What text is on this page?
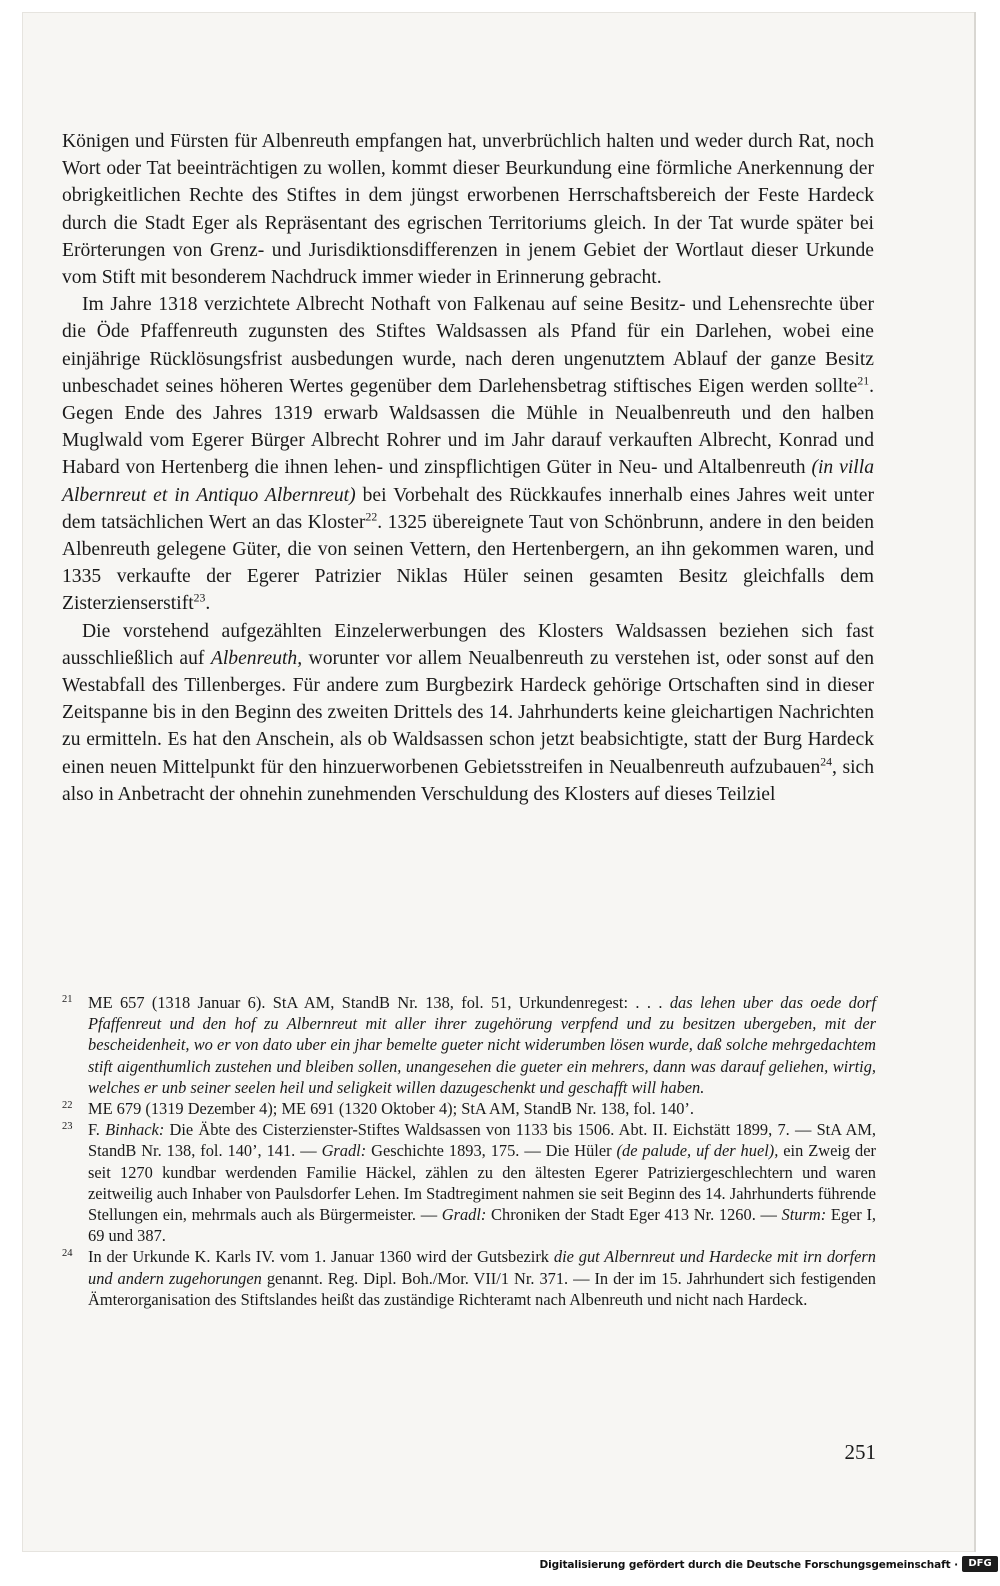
Königen und Fürsten für Albenreuth empfangen hat, unverbrüchlich halten und weder durch Rat, noch Wort oder Tat beeinträchtigen zu wollen, kommt dieser Beurkundung eine förmliche Anerkennung der obrigkeitlichen Rechte des Stiftes in dem jüngst erworbenen Herrschaftsbereich der Feste Hardeck durch die Stadt Eger als Repräsentant des egrischen Territoriums gleich. In der Tat wurde später bei Erörterungen von Grenz- und Jurisdiktionsdifferenzen in jenem Gebiet der Wortlaut dieser Urkunde vom Stift mit besonderem Nachdruck immer wieder in Erinnerung gebracht.

Im Jahre 1318 verzichtete Albrecht Nothaft von Falkenau auf seine Besitz- und Lehensrechte über die Öde Pfaffenreuth zugunsten des Stiftes Waldsassen als Pfand für ein Darlehen, wobei eine einjährige Rücklösungsfrist ausbedungen wurde, nach deren ungenutztem Ablauf der ganze Besitz unbeschadet seines höheren Wertes gegenüber dem Darlehensbetrag stiftisches Eigen werden sollte$^{21}$. Gegen Ende des Jahres 1319 erwarb Waldsassen die Mühle in Neualbenreuth und den halben Muglwald vom Egerer Bürger Albrecht Rohrer und im Jahr darauf verkauften Albrecht, Konrad und Habard von Hertenberg die ihnen lehen- und zinspflichtigen Güter in Neu- und Altalbenreuth (in villa Albernreut et in Antiquo Albernreut) bei Vorbehalt des Rückkaufes innerhalb eines Jahres weit unter dem tatsächlichen Wert an das Kloster$^{22}$. 1325 übereignete Taut von Schönbrunn, andere in den beiden Albenreuth gelegene Güter, die von seinen Vettern, den Hertenbergern, an ihn gekommen waren, und 1335 verkaufte der Egerer Patrizier Niklas Hüler seinen gesamten Besitz gleichfalls dem Zisterzienserstift$^{23}$.

Die vorstehend aufgezählten Einzelerwerbungen des Klosters Waldsassen beziehen sich fast ausschließlich auf Albenreuth, worunter vor allem Neualbenreuth zu verstehen ist, oder sonst auf den Westabfall des Tillenberges. Für andere zum Burgbezirk Hardeck gehörige Ortschaften sind in dieser Zeitspanne bis in den Beginn des zweiten Drittels des 14. Jahrhunderts keine gleichartigen Nachrichten zu ermitteln. Es hat den Anschein, als ob Waldsassen schon jetzt beabsichtigte, statt der Burg Hardeck einen neuen Mittelpunkt für den hinzuerworbenen Gebietsstreifen in Neualbenreuth aufzubauen$^{24}$, sich also in Anbetracht der ohnehin zunehmenden Verschuldung des Klosters auf dieses Teilziel

21 ME 657 (1318 Januar 6). StA AM, StandB Nr. 138, fol. 51, Urkundenregest: . . . das lehen uber das oede dorf Pfaffenreut und den hof zu Albernreut mit aller ihrer zugehörung verpfend und zu besitzen ubergeben, mit der bescheidenheit, wo er von dato uber ein jhar bemelte gueter nicht widerumben lösen wurde, daß solche mehrgedachtem stift aigenthumlich zustehen und bleiben sollen, unangesehen die gueter ein mehrers, dann was darauf geliehen, wirtig, welches er unb seiner seelen heil und seligkeit willen dazugeschenkt und geschafft will haben.
22 ME 679 (1319 Dezember 4); ME 691 (1320 Oktober 4); StA AM, StandB Nr. 138, fol. 140’.
23 F. Binhack: Die Äbte des Cisterzienster-Stiftes Waldsassen von 1133 bis 1506. Abt. II. Eichstätt 1899, 7. — StA AM, StandB Nr. 138, fol. 140’, 141. — Gradl: Geschichte 1893, 175. — Die Hüler (de palude, uf der huel), ein Zweig der seit 1270 kundbar werdenden Familie Häckel, zählen zu den ältesten Egerer Patriziergeschlechtern und waren zeitweilig auch Inhaber von Paulsdorfer Lehen. Im Stadtregiment nahmen sie seit Beginn des 14. Jahrhunderts führende Stellungen ein, mehrmals auch als Bürgermeister. — Gradl: Chroniken der Stadt Eger 413 Nr. 1260. — Sturm: Eger I, 69 und 387.
24 In der Urkunde K. Karls IV. vom 1. Januar 1360 wird der Gutsbezirk die gut Albernreut und Hardecke mit irn dorfern und andern zugehorungen genannt. Reg. Dipl. Boh./Mor. VII/1 Nr. 371. — In der im 15. Jahrhundert sich festigenden Ämterorganisation des Stiftslandes heißt das zuständige Richteramt nach Albenreuth und nicht nach Hardeck.
251
Digitalisierung gefördert durch die Deutsche Forschungsgemeinschaft ·	DFG
